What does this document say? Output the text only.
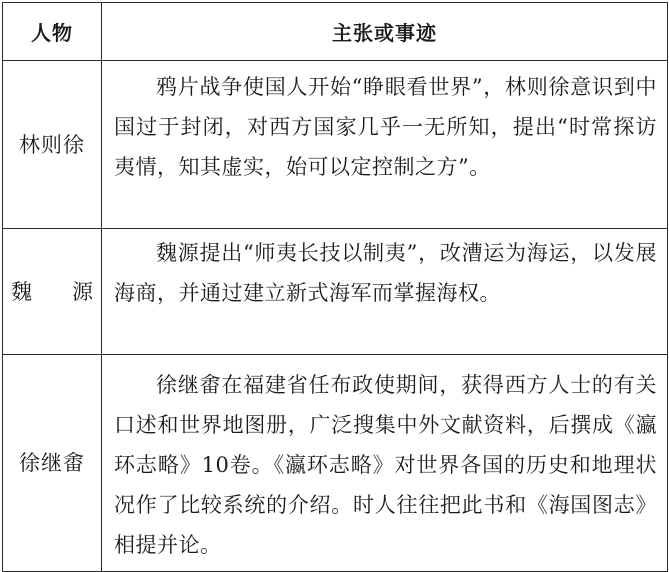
人物	主张或事迹
林则徐	鸦片战争使国人开始“睁眼看世界”，林则徐意识到中国过于封闭，对西方国家几乎一无所知，提出“时常探访夷情，知其虚实，始可以定控制之方”。
魏 源	魏源提出“师夷长技以制夷”，改漕运为海运，以发展海商，并通过建立新式海军而掌握海权。
徐继畬	徐继畬在福建省任布政使期间，获得西方人士的有关口述和世界地图册，广泛搜集中外文献资料，后撰成《瀛环志略》10卷。《瀛环志略》对世界各国的历史和地理状况作了比较系统的介绍。时人往往把此书和《海国图志》相提并论。
